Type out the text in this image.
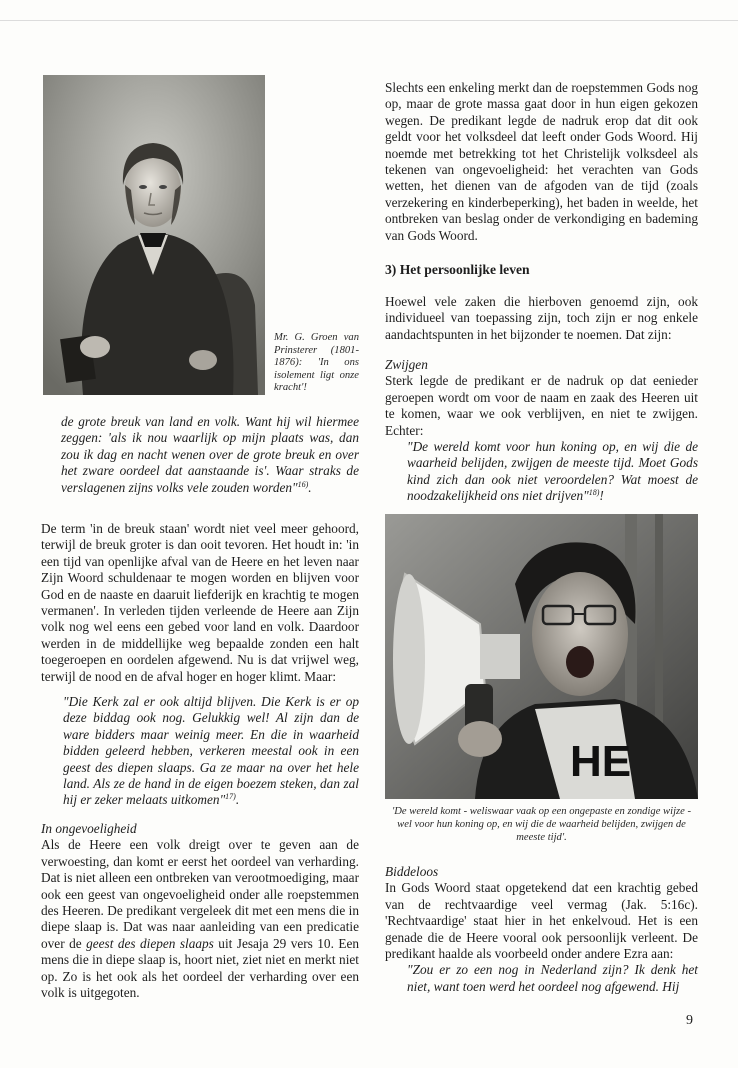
Mr. G. Groen van Prinsterer (1801-1876): 'In ons isolement ligt onze kracht'!
de grote breuk van land en volk. Want hij wil hiermee zeggen: 'als ik nou waarlijk op mijn plaats was, dan zou ik dag en nacht wenen over de grote breuk en over het zware oordeel dat aanstaande is'. Waar straks de verslagenen zijns volks vele zouden worden"$^{16)}$.

De term 'in de breuk staan' wordt niet veel meer gehoord, terwijl de breuk groter is dan ooit tevoren. Het houdt in: 'in een tijd van openlijke afval van de Heere en het leven naar Zijn Woord schuldenaar te mogen worden en blijven voor God en de naaste en daaruit liefderijk en krachtig te mogen vermanen'. In verleden tijden verleende de Heere aan Zijn volk nog wel eens een gebed voor land en volk. Daardoor werden in de middellijke weg bepaalde zonden een halt toegeroepen en oordelen afgewend. Nu is dat vrijwel weg, terwijl de nood en de afval hoger en hoger klimt. Maar:

"Die Kerk zal er ook altijd blijven. Die Kerk is er op deze biddag ook nog. Gelukkig wel! Al zijn dan de ware bidders maar weinig meer. En die in waarheid bidden geleerd hebben, verkeren meestal ook in een geest des diepen slaaps. Ga ze maar na over het hele land. Als ze de hand in de eigen boezem steken, dan zal hij er zeker melaats uitkomen"$^{17)}$.

In ongevoeligheid

Als de Heere een volk dreigt over te geven aan de verwoesting, dan komt er eerst het oordeel van verharding. Dat is niet alleen een ontbreken van verootmoediging, maar ook een geest van ongevoeligheid onder alle roepstemmen des Heeren. De predikant vergeleek dit met een mens die in diepe slaap is. Dat was naar aanleiding van een predicatie over de geest des diepen slaaps uit Jesaja 29 vers 10. Een mens die in diepe slaap is, hoort niet, ziet niet en merkt niet op. Zo is het ook als het oordeel der verharding over een volk is uitgegoten.

Slechts een enkeling merkt dan de roepstemmen Gods nog op, maar de grote massa gaat door in hun eigen gekozen wegen. De predikant legde de nadruk erop dat dit ook geldt voor het volksdeel dat leeft onder Gods Woord. Hij noemde met betrekking tot het Christelijk volksdeel als tekenen van ongevoeligheid: het verachten van Gods wetten, het dienen van de afgoden van de tijd (zoals verzekering en kinderbeperking), het baden in weelde, het ontbreken van beslag onder de verkondiging en bademing van Gods Woord.

3) Het persoonlijke leven

Hoewel vele zaken die hierboven genoemd zijn, ook individueel van toepassing zijn, toch zijn er nog enkele aandachtspunten in het bijzonder te noemen. Dat zijn:

Zwijgen

Sterk legde de predikant er de nadruk op dat eenieder geroepen wordt om voor de naam en zaak des Heeren uit te komen, waar we ook verblijven, en niet te zwijgen. Echter:

"De wereld komt voor hun koning op, en wij die de waarheid belijden, zwijgen de meeste tijd. Moet Gods kind zich dan ook niet veroordelen? Wat moest de noodzakelijkheid ons niet drijven"$^{18)}$!

HE
'De wereld komt - weliswaar vaak op een ongepaste en zondige wijze - wel voor hun koning op, en wij die de waarheid belijden, zwijgen de meeste tijd'.

Biddeloos

In Gods Woord staat opgetekend dat een krachtig gebed van de rechtvaardige veel vermag (Jak. 5:16c). 'Rechtvaardige' staat hier in het enkelvoud. Het is een genade die de Heere vooral ook persoonlijk verleent. De predikant haalde als voorbeeld onder andere Ezra aan:

"Zou er zo een nog in Nederland zijn? Ik denk het niet, want toen werd het oordeel nog afgewend. Hij

9
